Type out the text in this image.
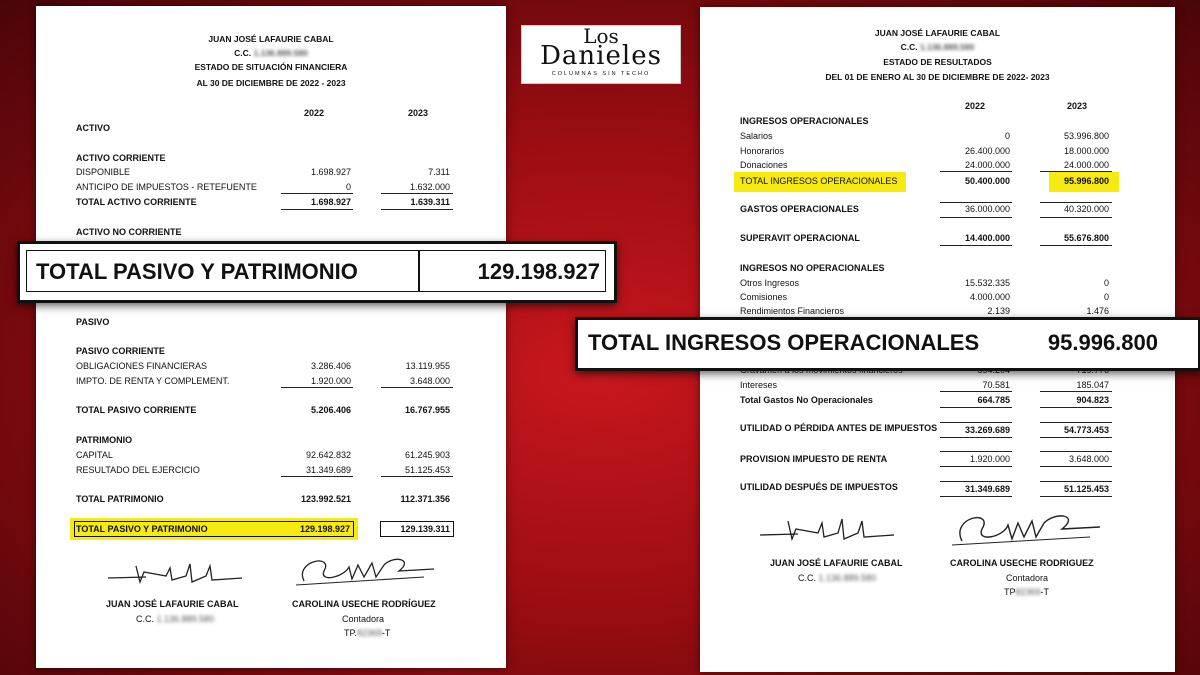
JUAN JOSÉ LAFAURIE CABAL
C.C. 1.136.889.580
ESTADO DE SITUACIÓN FINANCIERA
AL 30 DE DICIEMBRE DE 2022 - 2023
2022	2023
ACTIVO
ACTIVO CORRIENTE
DISPONIBLE	1.698.927	7.311
ANTICIPO DE IMPUESTOS - RETEFUENTE	0	1.632.000
TOTAL ACTIVO CORRIENTE	1.698.927	1.639.311
ACTIVO NO CORRIENTE
PASIVO
PASIVO CORRIENTE
OBLIGACIONES FINANCIERAS	3.286.406	13.119.955
IMPTO. DE RENTA Y COMPLEMENT.	1.920.000	3.648.000
TOTAL PASIVO CORRIENTE	5.206.406	16.767.955
PATRIMONIO
CAPITAL	92.642.832	61.245.903
RESULTADO DEL EJERCICIO	31.349.689	51.125.453
TOTAL PATRIMONIO	123.992.521	112.371.356
TOTAL PASIVO Y PATRIMONIO	129.198.927	129.139.311
JUAN JOSÉ LAFAURIE CABAL
C.C. 1.136.889.580
CAROLINA USECHE RODRÍGUEZ
Contadora
TP.82369-T
TOTAL PASIVO Y PATRIMONIO	129.198.927
Los
Danieles
COLUMNAS SIN TECHO
JUAN JOSÉ LAFAURIE CABAL
C.C. 1.136.889.580
ESTADO DE RESULTADOS
DEL 01 DE ENERO AL 30 DE DICIEMBRE DE 2022- 2023
2022	2023
INGRESOS OPERACIONALES
Salarios	0	53.996.800
Honorarios	26.400.000	18.000.000
Donaciones	24.000.000	24.000.000
TOTAL INGRESOS OPERACIONALES	50.400.000	95.996.800
GASTOS OPERACIONALES	36.000.000	40.320.000
SUPERAVIT OPERACIONAL	14.400.000	55.676.800
INGRESOS NO OPERACIONALES
Otros Ingresos	15.532.335	0
Comisiones	4.000.000	0
Rendimientos Financieros	2.139	1.476
Intereses	70.581	185.047
Total Gastos No Operacionales	664.785	904.823
UTILIDAD O PÉRDIDA ANTES DE IMPUESTOS	33.269.689	54.773.453
PROVISION IMPUESTO DE RENTA	1.920.000	3.648.000
UTILIDAD DESPUÉS DE IMPUESTOS	31.349.689	51.125.453
JUAN JOSÉ LAFAURIE CABAL
C.C. 1.136.889.580
CAROLINA USECHE RODRIGUEZ
Contadora
TP82369-T
TOTAL INGRESOS OPERACIONALES	95.996.800
